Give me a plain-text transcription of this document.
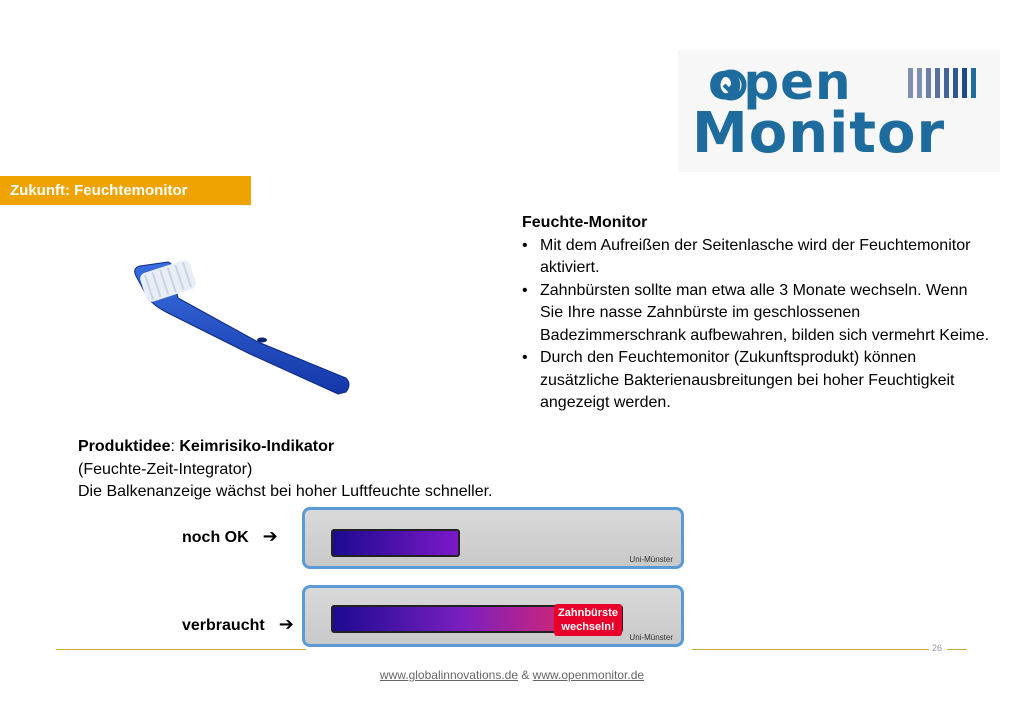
open
Monitor
Zukunft: Feuchtemonitor
Feuchte-Monitor
• Mit dem Aufreißen der Seitenlasche wird der Feuchtemonitor aktiviert.
• Zahnbürsten sollte man etwa alle 3 Monate wechseln. Wenn Sie Ihre nasse Zahnbürste im geschlossenen Badezimmerschrank aufbewahren, bilden sich vermehrt Keime.
• Durch den Feuchtemonitor (Zukunftsprodukt) können zusätzliche Bakterienausbreitungen bei hoher Feuchtigkeit angezeigt werden.
Produktidee: Keimrisiko-Indikator
(Feuchte-Zeit-Integrator)
Die Balkenanzeige wächst bei hoher Luftfeuchte schneller.
noch OK ➔
Uni-Münster
verbraucht ➔
Zahnbürste
wechseln!
Uni-Münster
26
www.globalinnovations.de & www.openmonitor.de
